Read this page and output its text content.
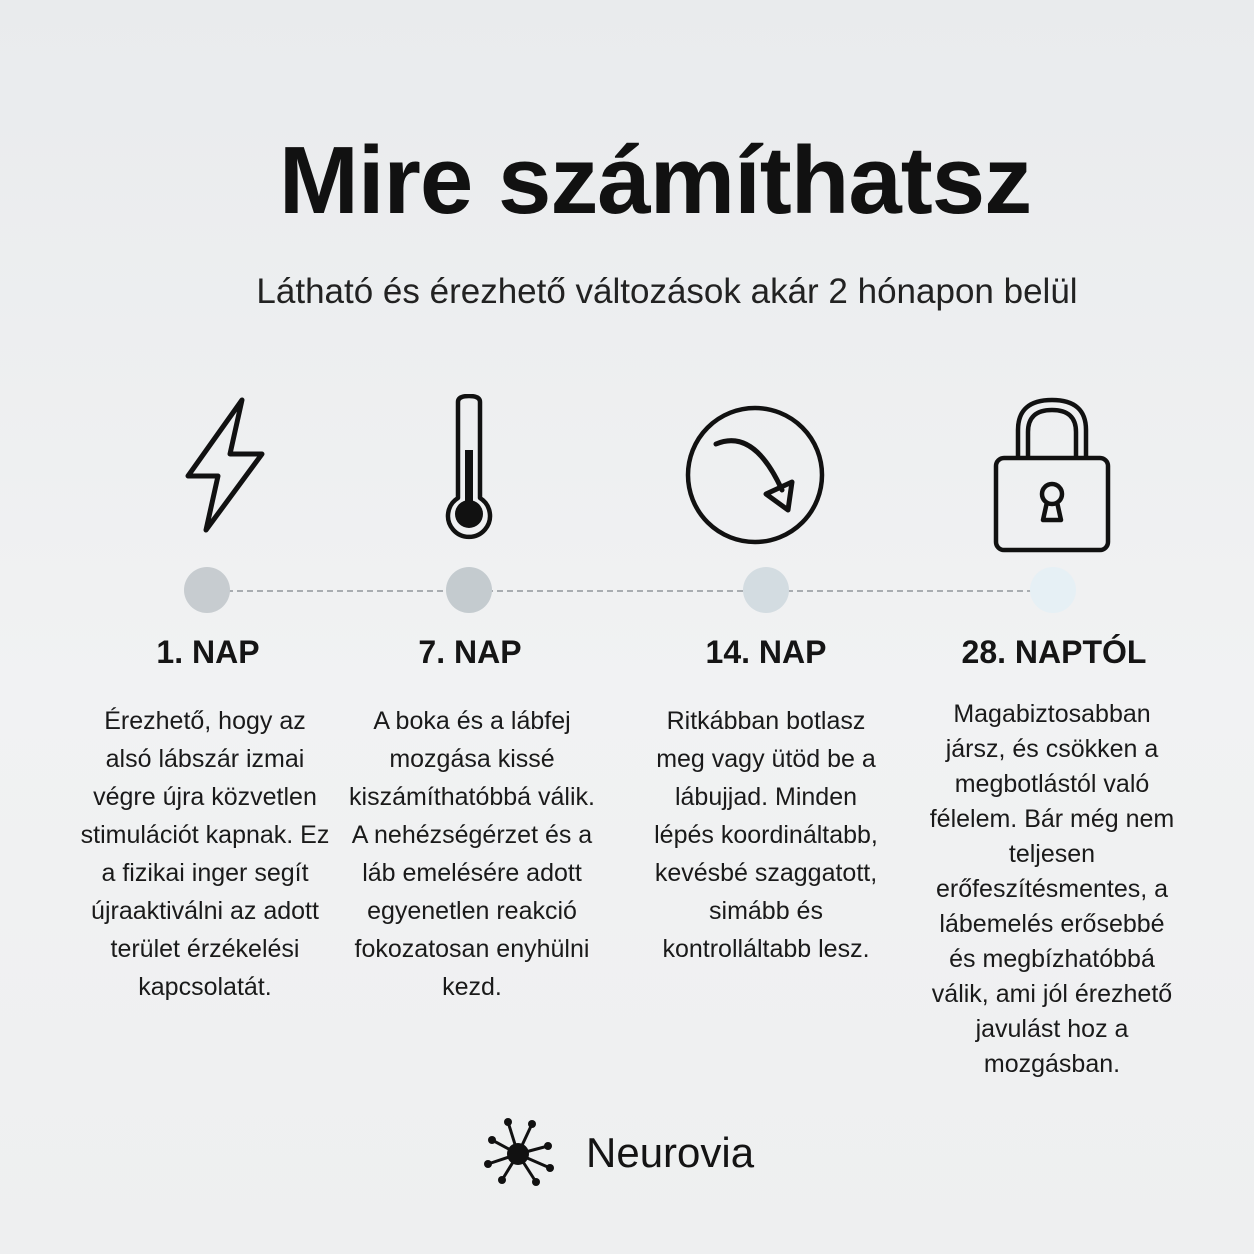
Mire számíthatsz

Látható és érezhető változások akár 2 hónapon belül

1. NAP	7. NAP	14. NAP	28. NAPTÓL
Érezhető, hogy az alsó lábszár izmai végre újra közvetlen stimulációt kapnak. Ez a fizikai inger segít újraaktiválni az adott terület érzékelési kapcsolatát.
A boka és a lábfej mozgása kissé kiszámíthatóbbá válik. A nehézségérzet és a láb emelésére adott egyenetlen reakció fokozatosan enyhülni kezd.
Ritkábban botlasz meg vagy ütöd be a lábujjad. Minden lépés koordináltabb, kevésbé szaggatott, simább és kontrolláltabb lesz.
Magabiztosabban jársz, és csökken a megbotlástól való félelem. Bár még nem teljesen erőfeszítésmentes, a lábemelés erősebbé és megbízhatóbbá válik, ami jól érezhető javulást hoz a mozgásban.
Neurovia
